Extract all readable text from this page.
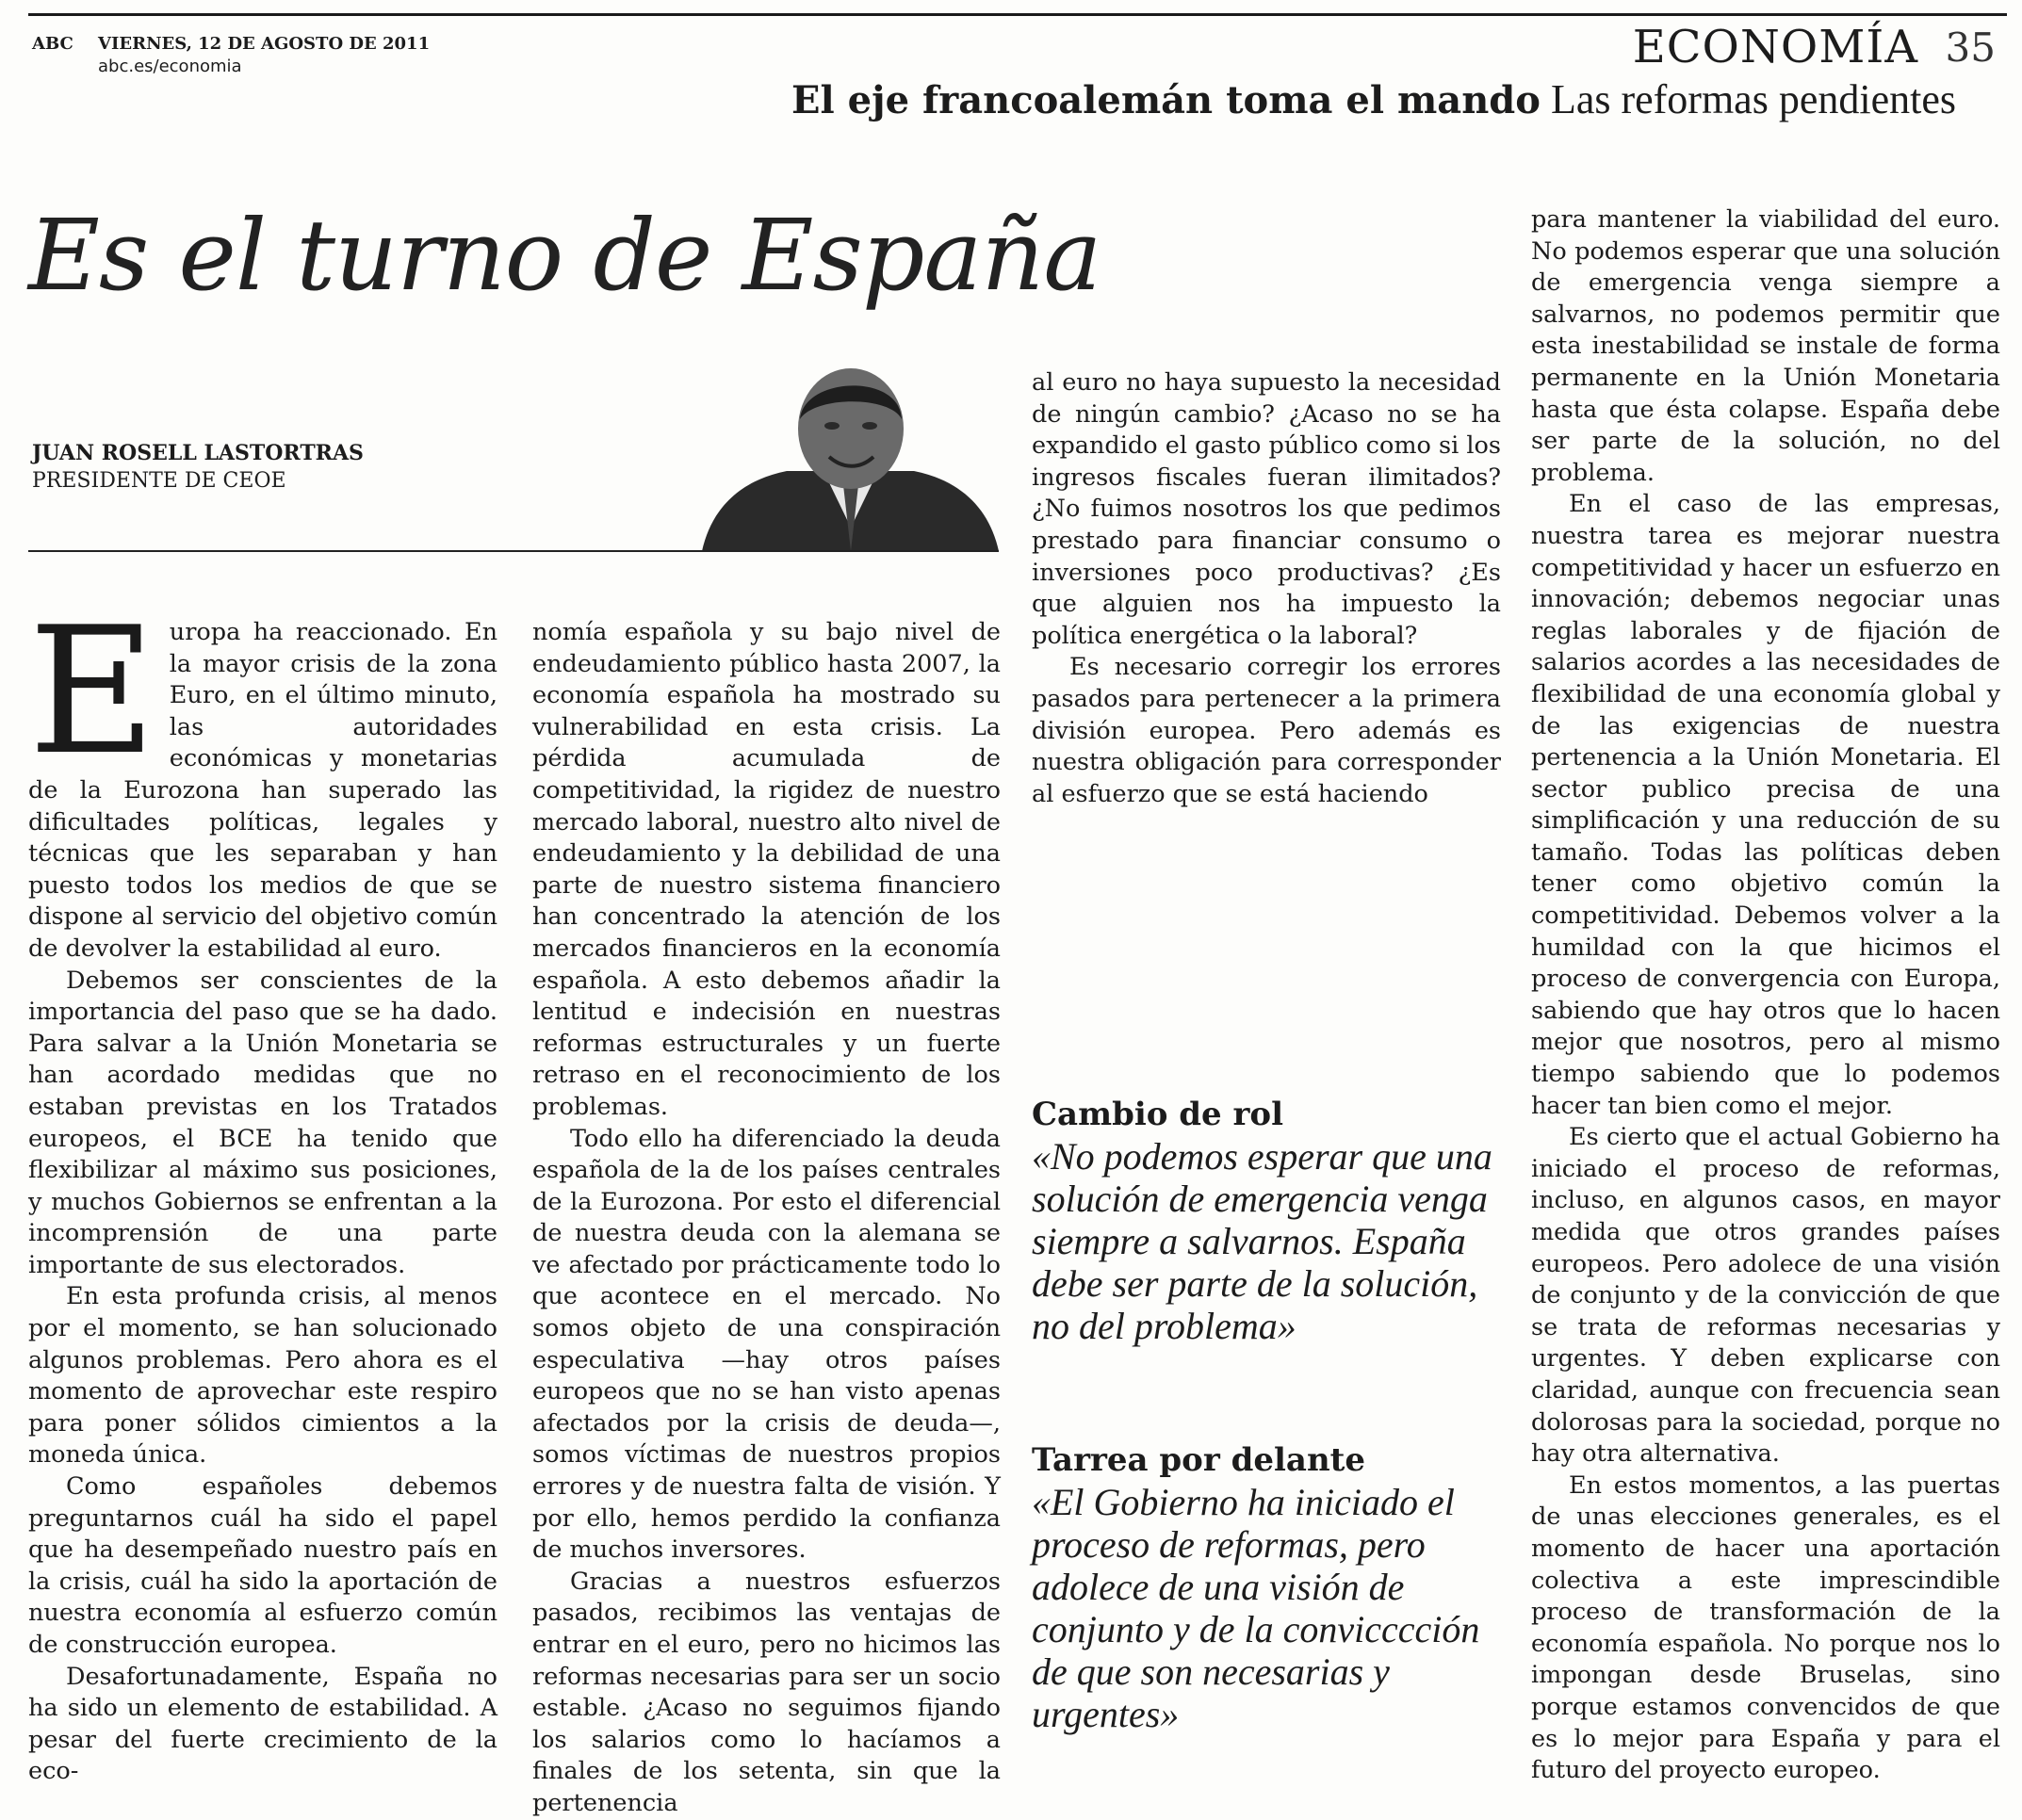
ABC VIERNES, 12 DE AGOSTO DE 2011
abc.es/economia	ECONOMÍA 35
El eje francoalemán toma el mando Las reformas pendientes
Es el turno de España
JUAN ROSELL LASTORTRAS
PRESIDENTE DE CEOE

Europa ha reaccionado. En la mayor crisis de la zona Euro, en el último minuto, las autoridades económicas y monetarias de la Eurozona han superado las dificultades políticas, legales y técnicas que les separaban y han puesto todos los medios de que se dispone al servicio del objetivo común de devolver la estabilidad al euro.

Debemos ser conscientes de la importancia del paso que se ha dado. Para salvar a la Unión Monetaria se han acordado medidas que no estaban previstas en los Tratados europeos, el BCE ha tenido que flexibilizar al máximo sus posiciones, y muchos Gobiernos se enfrentan a la incomprensión de una parte importante de sus electorados.

En esta profunda crisis, al menos por el momento, se han solucionado algunos problemas. Pero ahora es el momento de aprovechar este respiro para poner sólidos cimientos a la moneda única.

Como españoles debemos preguntarnos cuál ha sido el papel que ha desempeñado nuestro país en la crisis, cuál ha sido la aportación de nuestra economía al esfuerzo común de construcción europea.

Desafortunadamente, España no ha sido un elemento de estabilidad. A pesar del fuerte crecimiento de la eco-

nomía española y su bajo nivel de endeudamiento público hasta 2007, la economía española ha mostrado su vulnerabilidad en esta crisis. La pérdida acumulada de competitividad, la rigidez de nuestro mercado laboral, nuestro alto nivel de endeudamiento y la debilidad de una parte de nuestro sistema financiero han concentrado la atención de los mercados financieros en la economía española. A esto debemos añadir la lentitud e indecisión en nuestras reformas estructurales y un fuerte retraso en el reconocimiento de los problemas.

Todo ello ha diferenciado la deuda española de la de los países centrales de la Eurozona. Por esto el diferencial de nuestra deuda con la alemana se ve afectado por prácticamente todo lo que acontece en el mercado. No somos objeto de una conspiración especulativa —hay otros países europeos que no se han visto apenas afectados por la crisis de deuda—, somos víctimas de nuestros propios errores y de nuestra falta de visión. Y por ello, hemos perdido la confianza de muchos inversores.

Gracias a nuestros esfuerzos pasados, recibimos las ventajas de entrar en el euro, pero no hicimos las reformas necesarias para ser un socio estable. ¿Acaso no seguimos fijando los salarios como lo hacíamos a finales de los setenta, sin que la pertenencia

al euro no haya supuesto la necesidad de ningún cambio? ¿Acaso no se ha expandido el gasto público como si los ingresos fiscales fueran ilimitados? ¿No fuimos nosotros los que pedimos prestado para financiar consumo o inversiones poco productivas? ¿Es que alguien nos ha impuesto la política energética o la laboral?

Es necesario corregir los errores pasados para pertenecer a la primera división europea. Pero además es nuestra obligación para corresponder al esfuerzo que se está haciendo

Cambio de rol
«No podemos esperar que una solución de emergencia venga siempre a salvarnos. España debe ser parte de la solución, no del problema»
Tarrea por delante
«El Gobierno ha iniciado el proceso de reformas, pero adolece de una visión de conjunto y de la convicccción de que son necesarias y urgentes»

para mantener la viabilidad del euro. No podemos esperar que una solución de emergencia venga siempre a salvarnos, no podemos permitir que esta inestabilidad se instale de forma permanente en la Unión Monetaria hasta que ésta colapse. España debe ser parte de la solución, no del problema.

En el caso de las empresas, nuestra tarea es mejorar nuestra competitividad y hacer un esfuerzo en innovación; debemos negociar unas reglas laborales y de fijación de salarios acordes a las necesidades de flexibilidad de una economía global y de las exigencias de nuestra pertenencia a la Unión Monetaria. El sector publico precisa de una simplificación y una reducción de su tamaño. Todas las políticas deben tener como objetivo común la competitividad. Debemos volver a la humildad con la que hicimos el proceso de convergencia con Europa, sabiendo que hay otros que lo hacen mejor que nosotros, pero al mismo tiempo sabiendo que lo podemos hacer tan bien como el mejor.

Es cierto que el actual Gobierno ha iniciado el proceso de reformas, incluso, en algunos casos, en mayor medida que otros grandes países europeos. Pero adolece de una visión de conjunto y de la convicción de que se trata de reformas necesarias y urgentes. Y deben explicarse con claridad, aunque con frecuencia sean dolorosas para la sociedad, porque no hay otra alternativa.

En estos momentos, a las puertas de unas elecciones generales, es el momento de hacer una aportación colectiva a este imprescindible proceso de transformación de la economía española. No porque nos lo impongan desde Bruselas, sino porque estamos convencidos de que es lo mejor para España y para el futuro del proyecto europeo.
